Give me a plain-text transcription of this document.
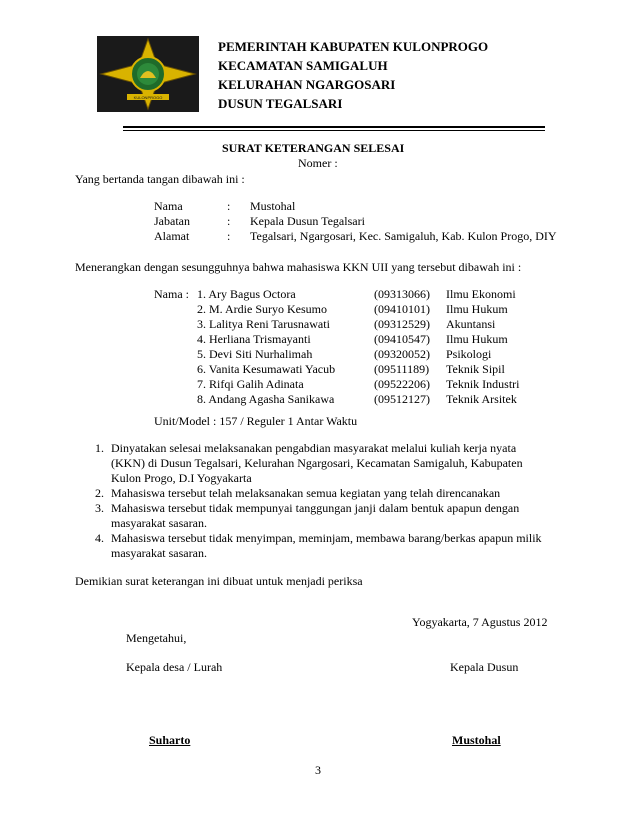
KULONPROGO
PEMERINTAH KABUPATEN KULONPROGO
KECAMATAN SAMIGALUH
KELURAHAN NGARGOSARI
DUSUN TEGALSARI
SURAT KETERANGAN SELESAI
Nomer :
Yang bertanda tangan dibawah ini :
Nama	: Mustohal
Jabatan	: Kepala Dusun Tegalsari
Alamat	: Tegalsari, Ngargosari, Kec. Samigaluh, Kab. Kulon Progo, DIY
Menerangkan dengan sesungguhnya bahwa mahasiswa KKN UII yang tersebut dibawah ini :
Nama : 1. Ary Bagus Octora	(09313066) Ilmu Ekonomi
2. M. Ardie Suryo Kesumo	(09410101) Ilmu Hukum
3. Lalitya Reni Tarusnawati	(09312529) Akuntansi
4. Herliana Trismayanti	(09410547) Ilmu Hukum
5. Devi Siti Nurhalimah	(09320052) Psikologi
6. Vanita Kesumawati Yacub	(09511189) Teknik Sipil
7. Rifqi Galih Adinata	(09522206) Teknik Industri
8. Andang Agasha Sanikawa	(09512127) Teknik Arsitek
Unit/Model : 157 / Reguler 1 Antar Waktu
1. Dinyatakan selesai melaksanakan pengabdian masyarakat melalui kuliah kerja nyata
(KKN) di Dusun Tegalsari, Kelurahan Ngargosari, Kecamatan Samigaluh, Kabupaten
Kulon Progo, D.I Yogyakarta
2. Mahasiswa tersebut telah melaksanakan semua kegiatan yang telah direncanakan
3. Mahasiswa tersebut tidak mempunyai tanggungan janji dalam bentuk apapun dengan
masyarakat sasaran.
4. Mahasiswa tersebut tidak menyimpan, meminjam, membawa barang/berkas apapun milik
masyarakat sasaran.
Demikian surat keterangan ini dibuat untuk menjadi periksa
Yogyakarta, 7 Agustus 2012
Mengetahui,
Kepala desa / Lurah	Kepala Dusun
Suharto	Mustohal
3
